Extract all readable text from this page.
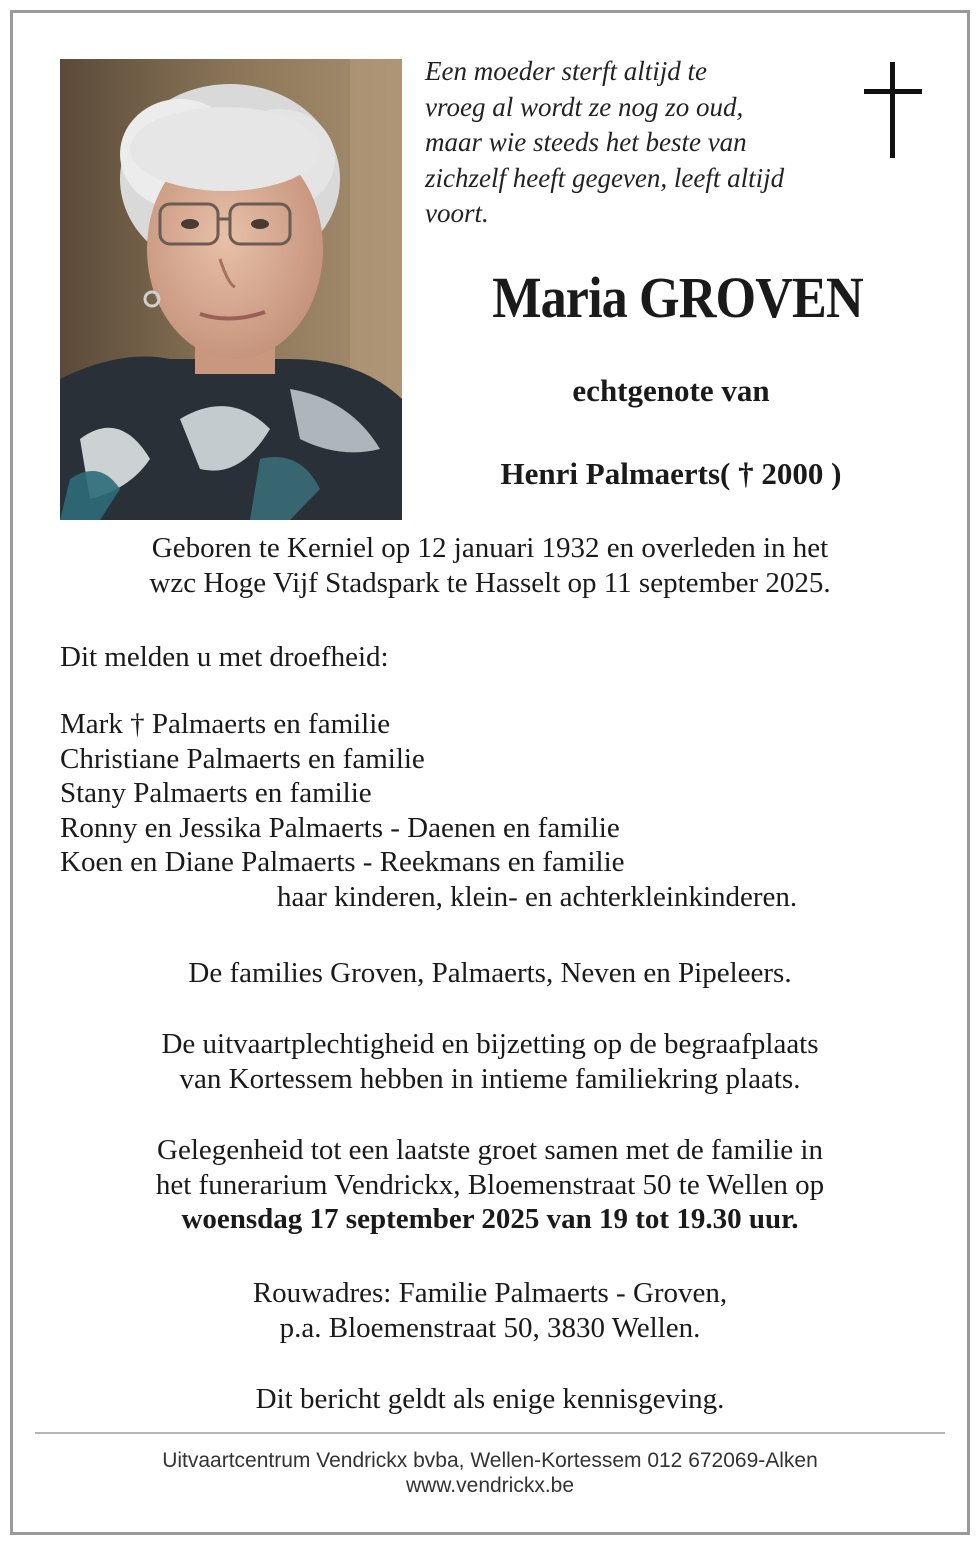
Een moeder sterft altijd te
vroeg al wordt ze nog zo oud,
maar wie steeds het beste van
zichzelf heeft gegeven, leeft altijd
voort.
Maria GROVEN
echtgenote van
Henri Palmaerts( † 2000 )
Geboren te Kerniel op 12 januari 1932 en overleden in het
wzc Hoge Vijf Stadspark te Hasselt op 11 september 2025.
Dit melden u met droefheid:
Mark † Palmaerts en familie
Christiane Palmaerts en familie
Stany Palmaerts en familie
Ronny en Jessika Palmaerts - Daenen en familie
Koen en Diane Palmaerts - Reekmans en familie
haar kinderen, klein- en achterkleinkinderen.
De families Groven, Palmaerts, Neven en Pipeleers.
De uitvaartplechtigheid en bijzetting op de begraafplaats
van Kortessem hebben in intieme familiekring plaats.
Gelegenheid tot een laatste groet samen met de familie in
het funerarium Vendrickx, Bloemenstraat 50 te Wellen op
woensdag 17 september 2025 van 19 tot 19.30 uur.
Rouwadres: Familie Palmaerts - Groven,
p.a. Bloemenstraat 50, 3830 Wellen.
Dit bericht geldt als enige kennisgeving.
Uitvaartcentrum Vendrickx bvba, Wellen-Kortessem 012 672069-Alken
www.vendrickx.be
